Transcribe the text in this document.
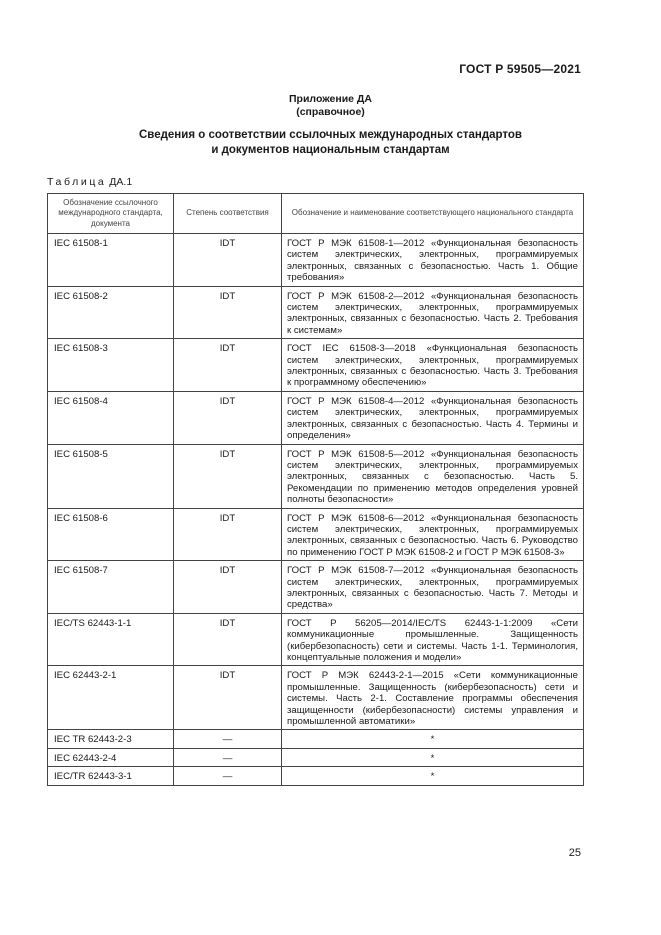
ГОСТ Р 59505—2021
Приложение ДА
(справочное)
Сведения о соответствии ссылочных международных стандартов
и документов национальным стандартам
Таблица ДА.1
Обозначение ссылочного международного стандарта, документа	Степень соответствия	Обозначение и наименование соответствующего национального стандарта
IEC 61508-1	IDT	ГОСТ Р МЭК 61508-1—2012 «Функциональная безопасность систем электрических, электронных, программируемых электронных, связанных с безопасностью. Часть 1. Общие требования»
IEC 61508-2	IDT	ГОСТ Р МЭК 61508-2—2012 «Функциональная безопасность систем электрических, электронных, программируемых электронных, связанных с безопасностью. Часть 2. Требования к системам»
IEC 61508-3	IDT	ГОСТ IEC 61508-3—2018 «Функциональная безопасность систем электрических, электронных, программируемых электронных, связанных с безопасностью. Часть 3. Требования к программному обеспечению»
IEC 61508-4	IDT	ГОСТ Р МЭК 61508-4—2012 «Функциональная безопасность систем электрических, электронных, программируемых электронных, связанных с безопасностью. Часть 4. Термины и определения»
IEC 61508-5	IDT	ГОСТ Р МЭК 61508-5—2012 «Функциональная безопасность систем электрических, электронных, программируемых электронных, связанных с безопасностью. Часть 5. Рекомендации по применению методов определения уровней полноты безопасности»
IEC 61508-6	IDT	ГОСТ Р МЭК 61508-6—2012 «Функциональная безопасность систем электрических, электронных, программируемых электронных, связанных с безопасностью. Часть 6. Руководство по применению ГОСТ Р МЭК 61508-2 и ГОСТ Р МЭК 61508-3»
IEC 61508-7	IDT	ГОСТ Р МЭК 61508-7—2012 «Функциональная безопасность систем электрических, электронных, программируемых электронных, связанных с безопасностью. Часть 7. Методы и средства»
IEC/TS 62443-1-1	IDT	ГОСТ Р 56205—2014/IEC/TS 62443-1-1:2009 «Сети коммуникационные промышленные. Защищенность (кибербезопасность) сети и системы. Часть 1-1. Терминология, концептуальные положения и модели»
IEC 62443-2-1	IDT	ГОСТ Р МЭК 62443-2-1—2015 «Сети коммуникационные промышленные. Защищенность (кибербезопасность) сети и системы. Часть 2-1. Составление программы обеспечения защищенности (кибербезопасности) системы управления и промышленной автоматики»
IEC TR 62443-2-3	—	*
IEC 62443-2-4	—	*
IEC/TR 62443-3-1	—	*
25
